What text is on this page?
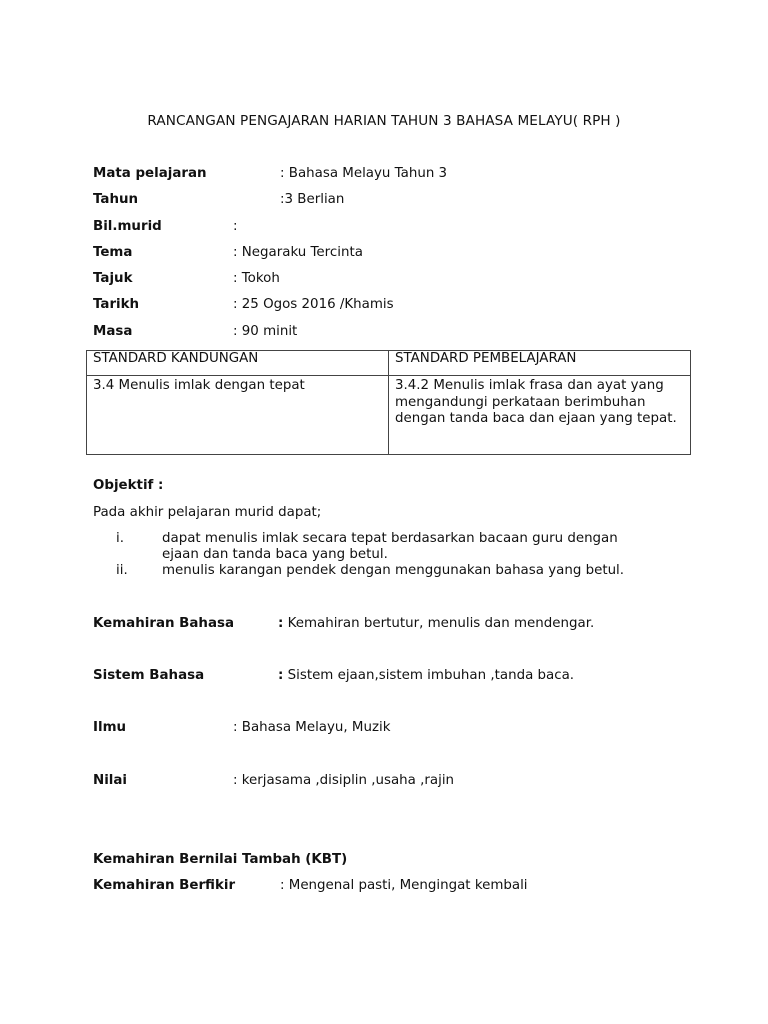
RANCANGAN PENGAJARAN HARIAN TAHUN 3 BAHASA MELAYU( RPH )
Mata pelajaran	: Bahasa Melayu Tahun 3
Tahun	:3 Berlian
Bil.murid	:
Tema	: Negaraku Tercinta
Tajuk	: Tokoh
Tarikh	: 25 Ogos 2016 /Khamis
Masa	: 90 minit
STANDARD KANDUNGAN	STANDARD PEMBELAJARAN
3.4 Menulis imlak dengan tepat	3.4.2 Menulis imlak frasa dan ayat yang mengandungi perkataan berimbuhan dengan tanda baca dan ejaan yang tepat.
Objektif :
Pada akhir pelajaran murid dapat;
i.	dapat menulis imlak secara tepat berdasarkan bacaan guru dengan
ejaan dan tanda baca yang betul.
ii.	menulis karangan pendek dengan menggunakan bahasa yang betul.
Kemahiran Bahasa	: Kemahiran bertutur, menulis dan mendengar.
Sistem Bahasa	: Sistem ejaan,sistem imbuhan ,tanda baca.
Ilmu	: Bahasa Melayu, Muzik
Nilai	: kerjasama ,disiplin ,usaha ,rajin
Kemahiran Bernilai Tambah (KBT)
Kemahiran Berfikir	: Mengenal pasti, Mengingat kembali
